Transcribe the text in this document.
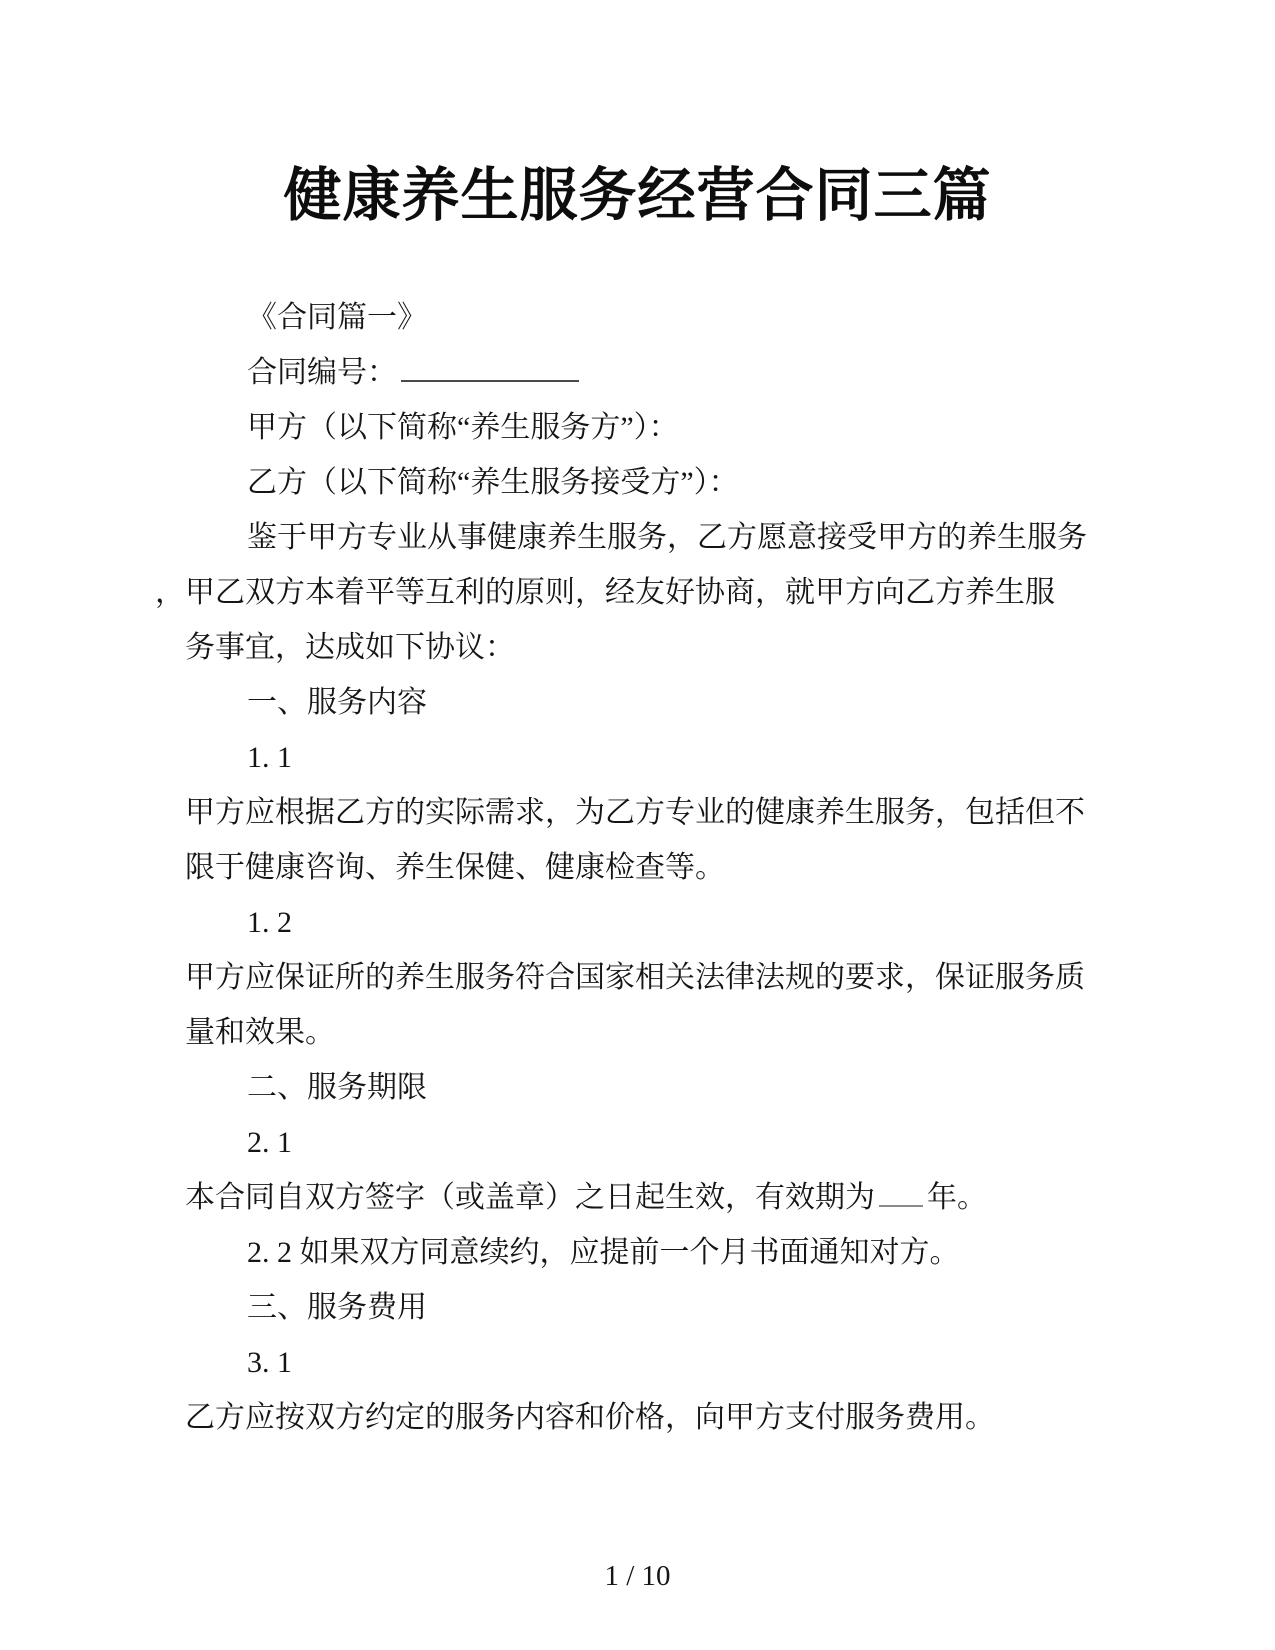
健康养生服务经营合同三篇
《合同篇一》
合同编号：
甲方（以下简称“养生服务方”）：
乙方（以下简称“养生服务接受方”）：
鉴于甲方专业从事健康养生服务，乙方愿意接受甲方的养生服务
，甲乙双方本着平等互利的原则，经友好协商，就甲方向乙方养生服
务事宜，达成如下协议：
一、服务内容
1. 1
甲方应根据乙方的实际需求，为乙方专业的健康养生服务，包括但不
限于健康咨询、养生保健、健康检查等。
1. 2
甲方应保证所的养生服务符合国家相关法律法规的要求，保证服务质
量和效果。
二、服务期限
2. 1
本合同自双方签字（或盖章）之日起生效，有效期为 年。
2. 2 如果双方同意续约，应提前一个月书面通知对方。
三、服务费用
3. 1
乙方应按双方约定的服务内容和价格，向甲方支付服务费用。
1 / 10
